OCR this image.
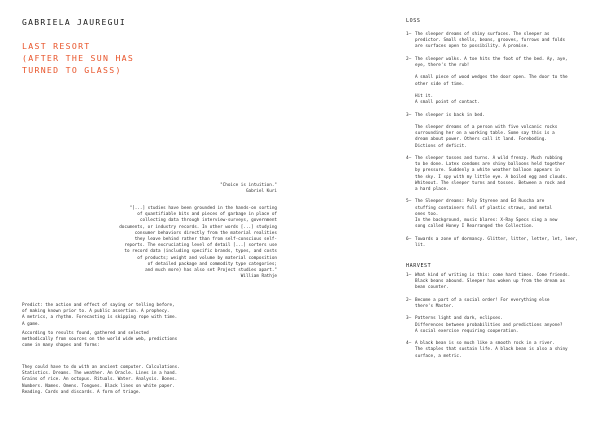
GABRIELA JAUREGUI
LAST RESORT
(AFTER THE SUN HAS
TURNED TO GLASS)
"Choice is intuition."
Gabriel Kuri
"[...] studies have been grounded in the hands-on sorting
of quantifiable bits and pieces of garbage in place of
collecting data through interview-surveys, government
documents, or industry records. In other words [...] studying
consumer behaviors directly from the material realities
they leave behind rather than from self-conscious self-
reports. The excruciating level of detail [...] sorters use
to record data (including specific brands, types, and costs
of products; weight and volume by material composition
of detailed package and commodity type categories;
and much more) has also set Project studies apart."
William Rathje
Predict: the action and effect of saying or telling before,
of making known prior to. A public assertion. A prophecy.
A metrics, a rhythm. Forecasting is skipping rope with time.
A game.
According to results found, gathered and selected
methodically from sources on the world wide web, predictions
come in many shapes and forms:
They could have to do with an ancient computer. Calculations.
Statistics. Dreams. The weather. An Oracle. Lines in a hand.
Grains of rice. An octopus. Rituals. Water. Analysis. Bones.
Numbers. Names. Omens. Tongues. Black lines on white paper.
Reading. Cards and discards. A form of triage.
LOSS
1– The sleeper dreams of shiny surfaces. The sleeper as
predictor. Small shells, beans, grooves, furrows and folds
are surfaces open to possibility. A promise.
2– The sleeper walks. A toe hits the foot of the bed. Ay, aye,
eye, there's the rub!
A small piece of wood wedges the door open. The door to the
other side of time.
Hit it.
A small point of contact.
3– The sleeper is back in bed.
The sleeper dreams of a person with five volcanic rocks
surrounding her on a working table. Some say this is a
dream about power. Others call it land. Foreboding.
Dictions of deficit.
4– The sleeper tosses and turns. A wild frenzy. Much rubbing
to be done. Latex condoms are shiny balloons held together
by pressure. Suddenly a white weather balloon appears in
the sky. I spy with my little eye. A boiled egg and clouds.
Whiteout. The sleeper turns and tosses. Between a rock and
a hard place.
5– The Sleeper dreams: Poly Styrene and Ed Ruscha are
stuffing containers full of plastic straws, and metal
ones too.
In the background, music blares: X-Ray Specs sing a new
song called Honey I Rearranged the Collection.
6– Towards a zone of dormancy. Glitter, litter, letter, let, leer,
lit.
HARVEST
1– What kind of writing is this: come hard times. Come friends.
Black beans abound. Sleeper has woken up from the dream as
bean counter.
2– Become a part of a social order! For everything else
there's Master.
3– Patterns light and dark, eclipses.
Differences between probabilities and predictions anyone?
A social exercise requiring cooperation.
4– A black bean is so much like a smooth rock in a river.
The staples that sustain life. A black bean is also a shiny
surface, a metric.
